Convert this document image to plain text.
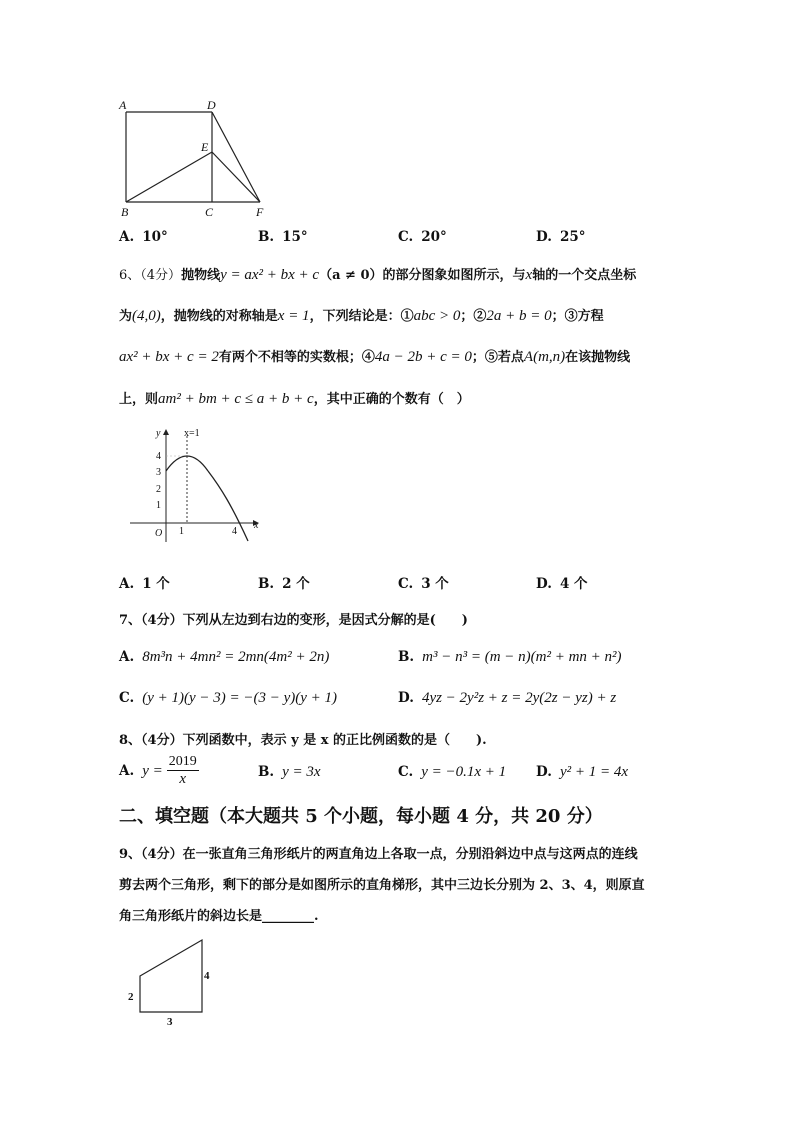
A	D
E
B	C	F
A. 10°	B. 15°	C. 20°	D. 25°
6、（4分）抛物线y = ax² + bx + c（a ≠ 0）的部分图象如图所示，与x轴的一个交点坐标
为(4,0)，抛物线的对称轴是x = 1，下列结论是：①abc > 0；②2a + b = 0；③方程
ax² + bx + c = 2有两个不相等的实数根；④4a − 2b + c = 0；⑤若点A(m,n)在该抛物线
上，则am² + bm + c ≤ a + b + c，其中正确的个数有（　）
y
x
O
x=1
4
3
2
1
1	4
A. 1 个	B. 2 个	C. 3 个	D. 4 个
7、（4分）下列从左边到右边的变形，是因式分解的是(　　)
A. 8m³n + 4mn² = 2mn(4m² + 2n)	B. m³ − n³ = (m − n)(m² + mn + n²)
C. (y + 1)(y − 3) = −(3 − y)(y + 1)	D. 4yz − 2y²z + z = 2y(2z − yz) + z
8、（4分）下列函数中，表示 y 是 x 的正比例函数的是（　　).
A. $y = \frac{2019}{x}$	B. y = 3x	C. y = −0.1x + 1 D. y² + 1 = 4x
二、填空题（本大题共 5 个小题，每小题 4 分，共 20 分）
9、（4分）在一张直角三角形纸片的两直角边上各取一点，分别沿斜边中点与这两点的连线
剪去两个三角形，剩下的部分是如图所示的直角梯形，其中三边长分别为 2、3、4，则原直
角三角形纸片的斜边长是________.
2
4
3
